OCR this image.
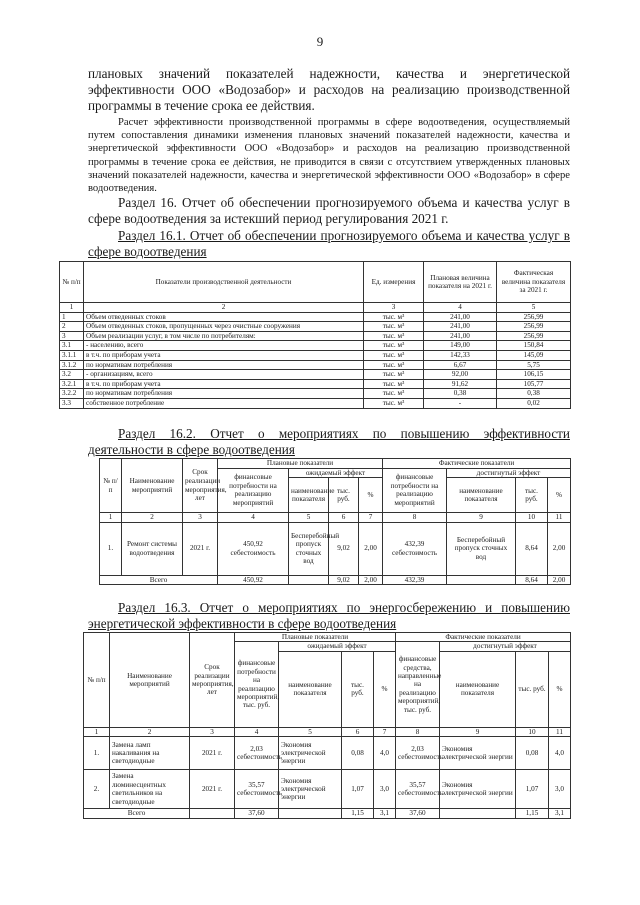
9
плановых значений показателей надежности, качества и энергетической эффективности ООО «Водозабор» и расходов на реализацию производственной программы в течение срока ее действия.
Расчет эффективности производственной программы в сфере водоотведения, осуществляемый путем сопоставления динамики изменения плановых значений показателей надежности, качества и энергетической эффективности ООО «Водозабор» и расходов на реализацию производственной программы в течение срока ее действия, не приводится в связи с отсутствием утвержденных плановых значений показателей надежности, качества и энергетической эффективности ООО «Водозабор» в сфере водоотведения.
Раздел 16. Отчет об обеспечении прогнозируемого объема и качества услуг в сфере водоотведения за истекший период регулирования 2021 г.
Раздел 16.1. Отчет об обеспечении прогнозируемого объема и качества услуг в сфере водоотведения
№ п/п	Показатели производственной деятельности	Ед. измерения	Плановая величина показателя на 2021 г.	Фактическая величина показателя за 2021 г.
1	2	3	4	5
1	Объем отведенных стоков	тыс. м³	241,00	256,99
2	Объем отведенных стоков, пропущенных через очистные сооружения	тыс. м³	241,00	256,99
3	Объем реализации услуг, в том числе по потребителям:	тыс. м³	241,00	256,99
3.1	- населению, всего	тыс. м³	149,00	150,84
3.1.1	в т.ч. по приборам учета	тыс. м³	142,33	145,09
3.1.2	по нормативам потребления	тыс. м³	6,67	5,75
3.2	- организациям, всего	тыс. м³	92,00	106,15
3.2.1	в т.ч. по приборам учета	тыс. м³	91,62	105,77
3.2.2	по нормативам потребления	тыс. м³	0,38	0,38
3.3	собственное потребление	тыс. м³	-	0,02
Раздел 16.2. Отчет о мероприятиях по повышению эффективности деятельности в сфере водоотведения
№ п/п	Наименование мероприятий	Срок реализации мероприятия, лет	Плановые показатели				Фактические показатели			
			финансовые потребности на реализацию мероприятий	ожидаемый эффект			финансовые потребности на реализацию мероприятий	достигнутый эффект		
				наименование показателя	тыс. руб.	%		наименование показателя	тыс. руб.	%
1	2	3	4	5	6	7	8	9	10	11
1.	Ремонт системы водоотведения	2021 г.	450,92 себестоимость	Бесперебойный пропуск сточных вод	9,02	2,00	432,39 себестоимость	Бесперебойный пропуск сточных вод	8,64	2,00
Всего			450,92		9,02	2,00	432,39		8,64	2,00
Раздел 16.3. Отчет о мероприятиях по энергосбережению и повышению энергетической эффективности в сфере водоотведения
№ п/п	Наименование мероприятий	Срок реализации мероприятия, лет	Плановые показатели				Фактические показатели			
			финансовые потребности на реализацию мероприятий, тыс. руб.	ожидаемый эффект			финансовые средства, направленные на реализацию мероприятий, тыс. руб.	достигнутый эффект		
				наименование показателя	тыс. руб.	%		наименование показателя	тыс. руб.	%
1	2	3	4	5	6	7	8	9	10	11
1.	Замена ламп накаливания на светодиодные	2021 г.	2,03 себестоимость	Экономия электрической энергии	0,08	4,0	2,03 себестоимость	Экономия электрической энергии	0,08	4,0
2.	Замена люминесцентных светильников на светодиодные	2021 г.	35,57 себестоимость	Экономия электрической энергии	1,07	3,0	35,57 себестоимость	Экономия электрической энергии	1,07	3,0
Всего			37,60		1,15	3,1	37,60		1,15	3,1
